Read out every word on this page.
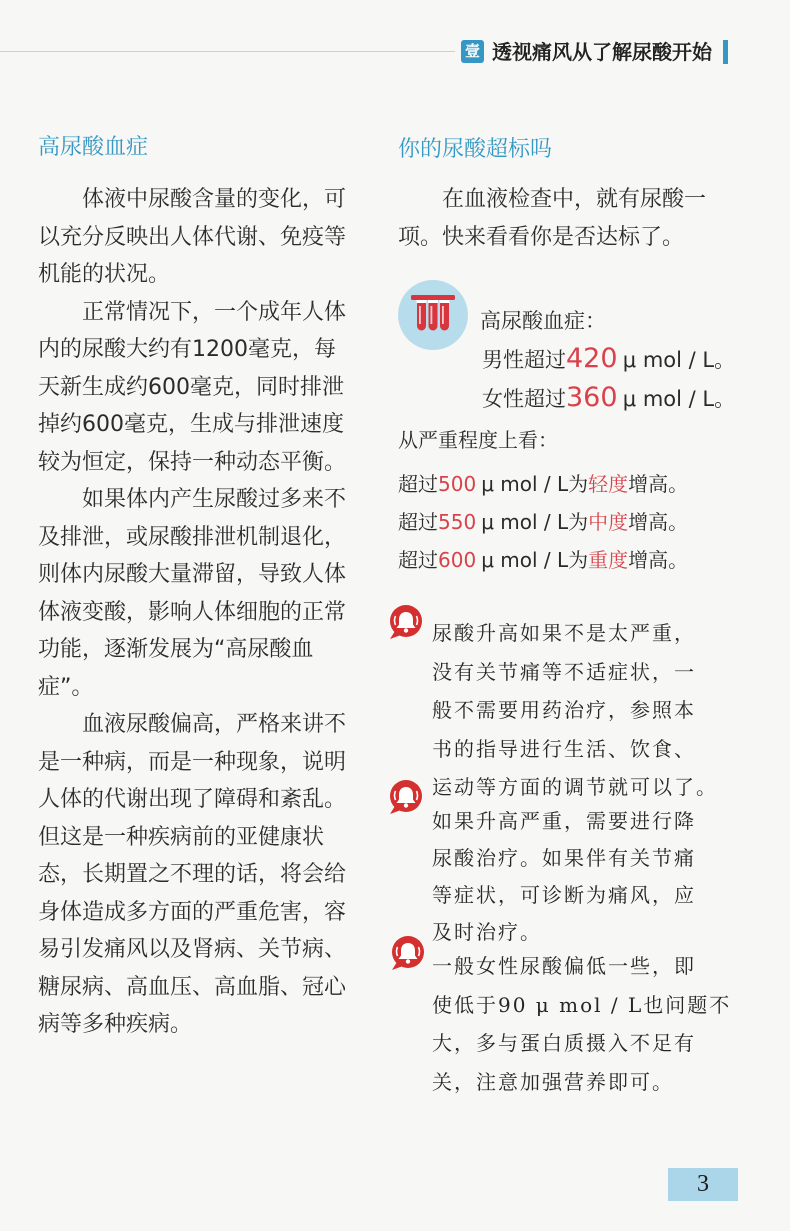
壹 透视痛风从了解尿酸开始
高尿酸血症

体液中尿酸含量的变化，可
以充分反映出人体代谢、免疫等
机能的状况。

正常情况下，一个成年人体
内的尿酸大约有1200毫克，每
天新生成约600毫克，同时排泄
掉约600毫克，生成与排泄速度
较为恒定，保持一种动态平衡。

如果体内产生尿酸过多来不
及排泄，或尿酸排泄机制退化，
则体内尿酸大量滞留，导致人体
体液变酸，影响人体细胞的正常
功能，逐渐发展为“高尿酸血
症”。

血液尿酸偏高，严格来讲不
是一种病，而是一种现象，说明
人体的代谢出现了障碍和紊乱。
但这是一种疾病前的亚健康状
态，长期置之不理的话，将会给
身体造成多方面的严重危害，容
易引发痛风以及肾病、关节病、
糖尿病、高血压、高血脂、冠心
病等多种疾病。

你的尿酸超标吗

在血液检查中，就有尿酸一
项。快来看看你是否达标了。

高尿酸血症：
男性超过420 μ mol / L。
女性超过360 μ mol / L。
从严重程度上看：
超过500 μ mol / L为轻度增高。
超过550 μ mol / L为中度增高。
超过600 μ mol / L为重度增高。

尿酸升高如果不是太严重，
没有关节痛等不适症状，一
般不需要用药治疗，参照本
书的指导进行生活、饮食、
运动等方面的调节就可以了。

如果升高严重，需要进行降
尿酸治疗。如果伴有关节痛
等症状，可诊断为痛风，应
及时治疗。

一般女性尿酸偏低一些，即
使低于90 μ mol / L也问题不
大，多与蛋白质摄入不足有
关，注意加强营养即可。

3
